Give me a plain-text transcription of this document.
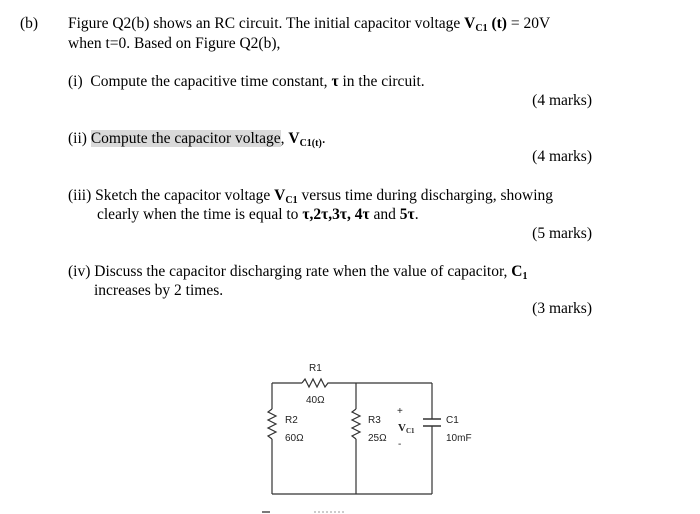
(b) Figure Q2(b) shows an RC circuit. The initial capacitor voltage $V_{C1}$ (t) = 20V
when t=0. Based on Figure Q2(b),
(i) Compute the capacitive time constant, τ in the circuit.
(4 marks)
(ii) Compute the capacitor voltage, $V_{C1(t)}$.
(4 marks)
(iii) Sketch the capacitor voltage $V_{C1}$ versus time during discharging, showing
clearly when the time is equal to τ,2τ,3τ, 4τ and 5τ.
(5 marks)
(iv) Discuss the capacitor discharging rate when the value of capacitor, $C_1$
increases by 2 times.
(3 marks)
R1
40Ω
R2
60Ω
R3
25Ω
+
VC1
-
C1
10mF
